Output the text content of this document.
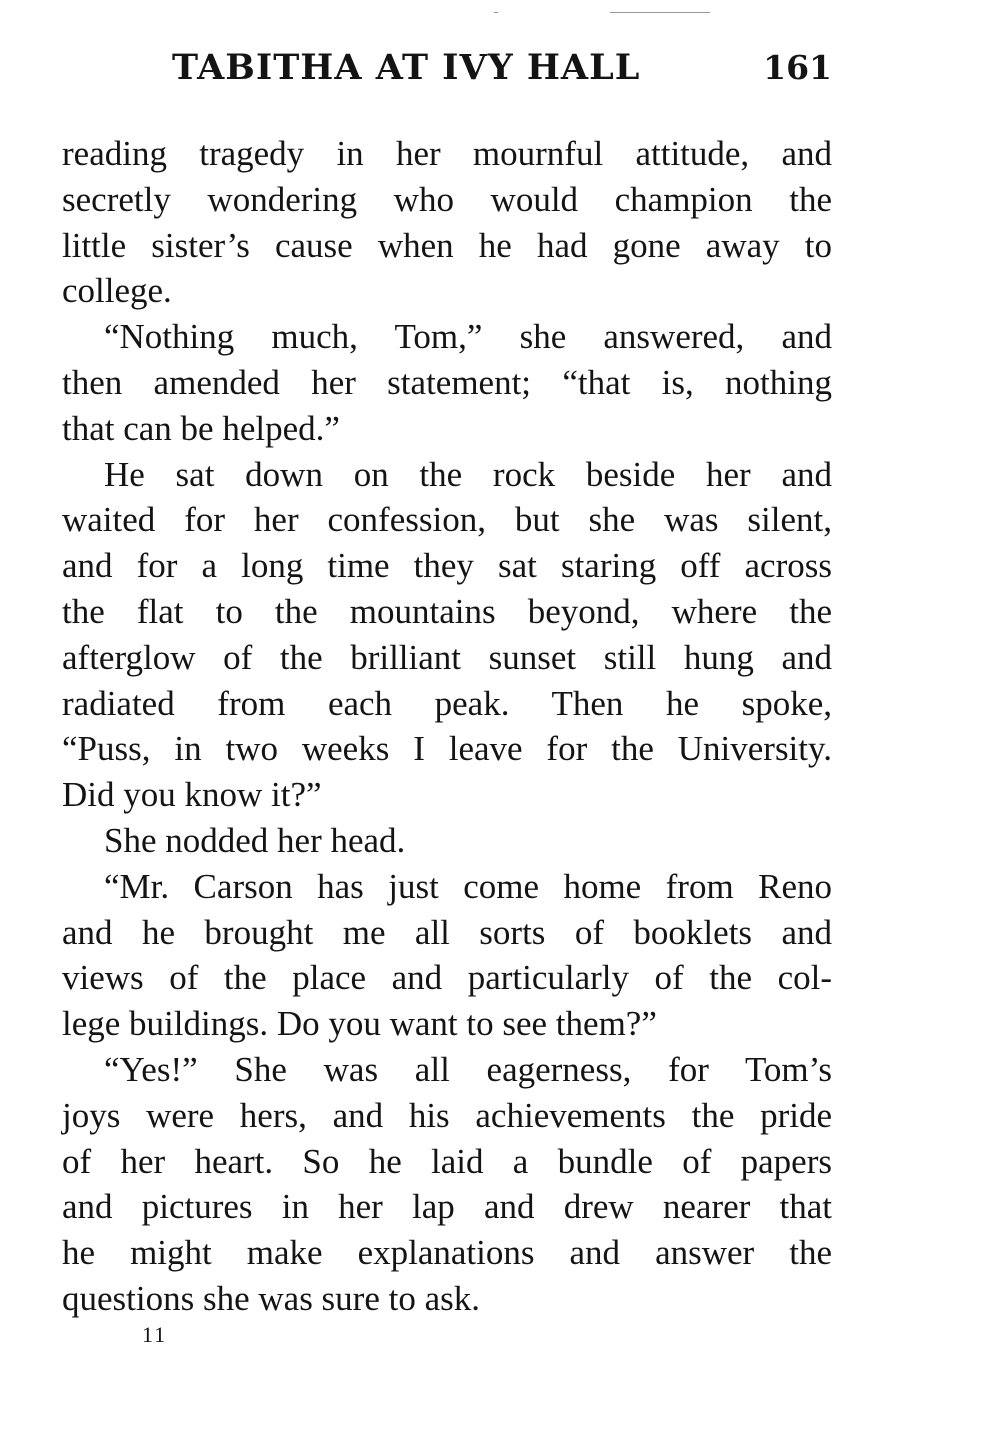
TABITHA AT IVY HALL	161
reading tragedy in her mournful attitude, and
secretly wondering who would champion the
little sister’s cause when he had gone away to
college.
“Nothing much, Tom,” she answered, and
then amended her statement; “that is, nothing
that can be helped.”
He sat down on the rock beside her and
waited for her confession, but she was silent,
and for a long time they sat staring off across
the flat to the mountains beyond, where the
afterglow of the brilliant sunset still hung and
radiated from each peak. Then he spoke,
“Puss, in two weeks I leave for the University.
Did you know it?”
She nodded her head.
“Mr. Carson has just come home from Reno
and he brought me all sorts of booklets and
views of the place and particularly of the col-
lege buildings. Do you want to see them?”
“Yes!” She was all eagerness, for Tom’s
joys were hers, and his achievements the pride
of her heart. So he laid a bundle of papers
and pictures in her lap and drew nearer that
he might make explanations and answer the
questions she was sure to ask.
11
